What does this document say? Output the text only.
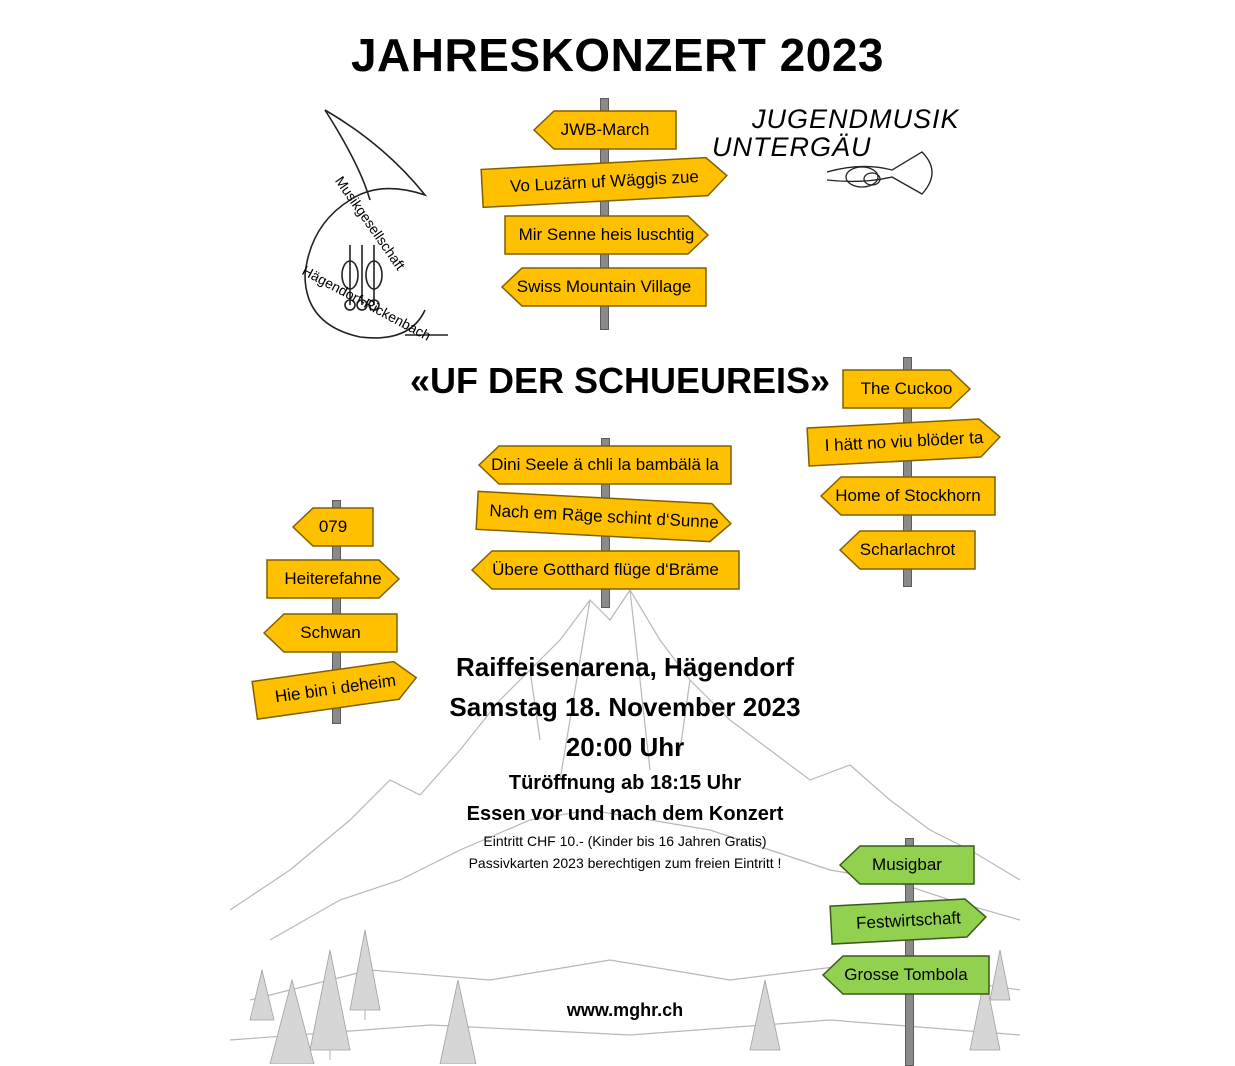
JAHRESKONZERT 2023
Musikgesellschaft
Hägendorf-Rickenbach
JUGENDMUSIK
UNTERGÄU
«UF DER SCHUEUREIS»
JWB-March
Vo Luzärn uf Wäggis zue
Mir Senne heis luschtig
Swiss Mountain Village
The Cuckoo
I hätt no viu blöder ta
Home of Stockhorn
Scharlachrot
Dini Seele ä chli la bambälä la
Nach em Räge schint d‘Sunne
Übere Gotthard flüge d‘Bräme
079
Heiterefahne
Schwan
Hie bin i deheim
Musigbar
Festwirtschaft
Grosse Tombola
Raiffeisenarena, Hägendorf
Samstag 18. November 2023
20:00 Uhr
Türöffnung ab 18:15 Uhr
Essen vor und nach dem Konzert
Eintritt CHF 10.- (Kinder bis 16 Jahren Gratis)
Passivkarten 2023 berechtigen zum freien Eintritt !
www.mghr.ch
